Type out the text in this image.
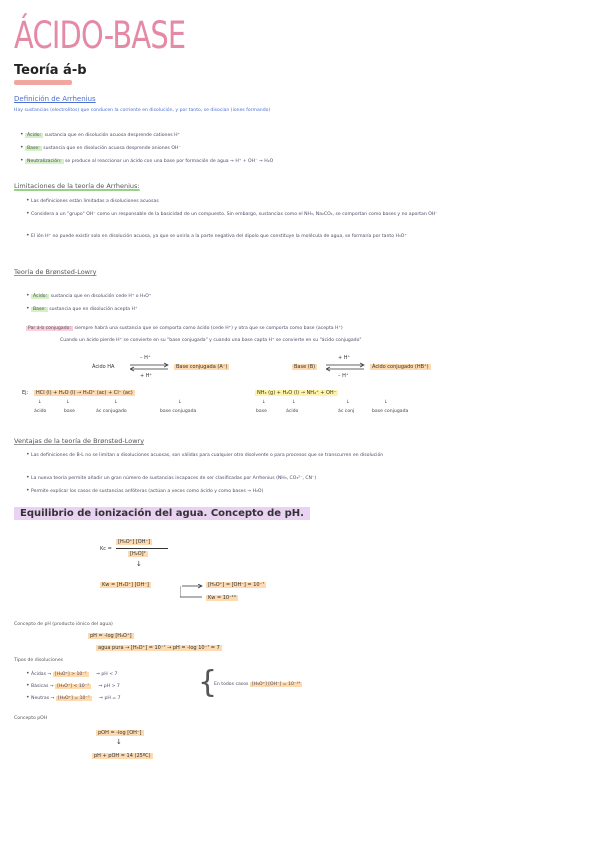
ÁCIDO-BASE
Teoría á-b
Definición de Arrhenius
Hay sustancias (electrolitos) que conducen la corriente en disolución, y por tanto, se disocian (iones formando)
• Ácido: sustancia que en disolución acuosa desprende cationes H⁺
• Base: sustancia que en disolución acuosa desprende aniones OH⁻
• Neutralización: se produce al reaccionar un ácido con una base por formación de agua → H⁺ + OH⁻ → H₂O
Limitaciones de la teoría de Arrhenius:
• Las definiciones están limitadas a disoluciones acuosas
• Considera a un "grupo" OH⁻ como un responsable de la basicidad de un compuesto. Sin embargo, sustancias como el NH₃, Na₂CO₃, se comportan como bases y no aportan OH⁻
• El ión H⁺ no puede existir solo en disolución acuosa, ya que se uniría a la parte negativa del dipolo que constituye la molécula de agua, se formaría por tanto H₃O⁺
Teoría de Brønsted-Lowry
• Ácido: sustancia que en disolución cede H⁺ o H₃O⁺
• Base: sustancia que en disolución acepta H⁺
Par á-b conjugado: siempre habrá una sustancia que se comporta como ácido (cede H⁺) y otra que se comporta como base (acepta H⁺)
Cuando un ácido pierde H⁺ se convierte en su "base conjugada" y cuando una base capta H⁺ se convierte en su "ácido conjugado"
Ácido HA
– H⁺
+ H⁺
Base conjugada (A⁻)	Base (B)
+ H⁺
– H⁺
Ácido conjugado (HB⁺)
Ej:	HCl (l) + H₂O (l) → H₃O⁺ (ac) + Cl⁻ (ac)	NH₃ (g) + H₂O (l) → NH₄⁺ + OH⁻
↓	↓	↓	↓
ácido	base	ác conjugado	base conjugada
↓	↓	↓	↓
base	ácido	ác conj	base conjugada
Ventajas de la teoría de Brønsted-Lowry
• Las definiciones de B-L no se limitan a disoluciones acuosas, son válidas para cualquier otro disolvente o para procesos que se transcurren en disolución
• La nueva teoría permite añadir un gran número de sustancias incapaces de ser clasificadas por Arrhenius (NH₃, CO₃²⁻, CN⁻)
• Permite explicar los casos de sustancias anfóteras (actúan a veces como ácido y como bases → H₂O)
Equilibrio de ionización del agua. Concepto de pH.
Kc =
[H₃O⁺] [OH⁻]
[H₂O]²
↓
Kw = [H₃O⁺] [OH⁻]	[H₃O⁺] = [OH⁻] = 10⁻⁷
Kw = 10⁻¹⁴
Concepto de pH (producto iónico del agua)
pH = -log [H₃O⁺]
agua pura → [H₃O⁺] = 10⁻⁷ → pH = -log 10⁻⁷ = 7
Tipos de disoluciones
• Ácidas → [H₃O⁺] > 10⁻⁷ ⇒ pH < 7
• Básicas → [H₃O⁺] < 10⁻⁷ ⇒ pH > 7
• Neutras → [H₃O⁺] = 10⁻⁷ ⇒ pH = 7	{
En todos casos [H₃O⁺] [OH⁻] = 10⁻¹⁴
Concepto pOH
pOH = -log [OH⁻]
↓
pH + pOH = 14 (25ºC)
